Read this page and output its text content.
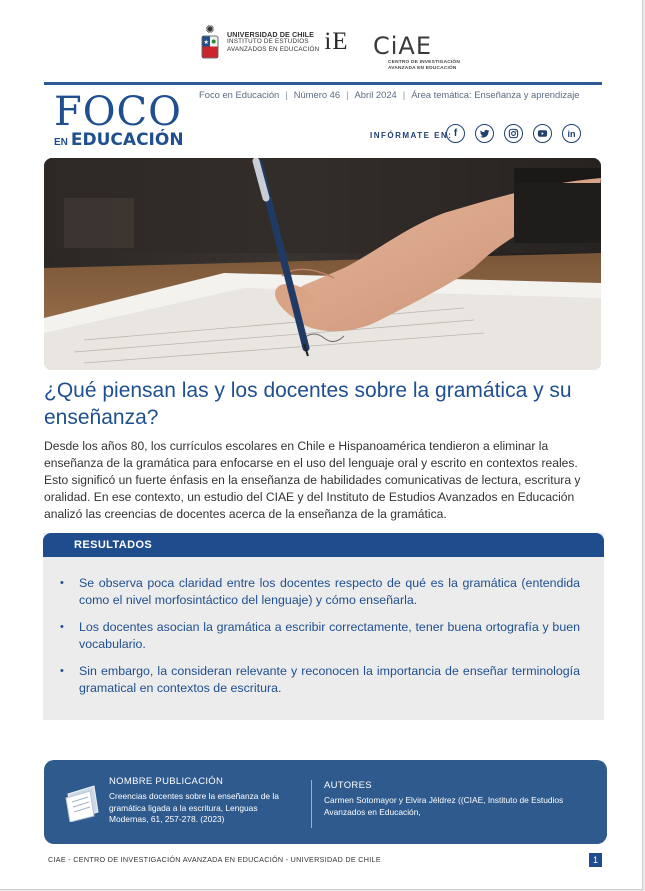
✺
★
UNIVERSIDAD DE CHILE
INSTITUTO DE ESTUDIOS
AVANZADOS EN EDUCACIÓN iE CiAE
CENTRO DE INVESTIGACIÓN
AVANZADA EN EDUCACIÓN
FOCO
EN EDUCACIÓN
Foco en Educación | Número 46 | Abril 2024 | Área temática: Enseñanza y aprendizaje
INFÓRMATE EN: f	in
¿Qué piensan las y los docentes sobre la gramática y su enseñanza?

Desde los años 80, los currículos escolares en Chile e Hispanoamérica tendieron a eliminar la enseñanza de la gramática para enfocarse en el uso del lenguaje oral y escrito en contextos reales. Esto significó un fuerte énfasis en la enseñanza de habilidades comunicativas de lectura, escritura y oralidad. En ese contexto, un estudio del CIAE y del Instituto de Estudios Avanzados en Educación analizó las creencias de docentes acerca de la enseñanza de la gramática.

RESULTADOS
• Se observa poca claridad entre los docentes respecto de qué es la gramática (entendida como el nivel morfosintáctico del lenguaje) y cómo enseñarla.
• Los docentes asocian la gramática a escribir correctamente, tener buena ortografía y buen vocabulario.
• Sin embargo, la consideran relevante y reconocen la importancia de enseñar terminología gramatical en contextos de escritura.
NOMBRE PUBLICACIÓN
Creencias docentes sobre la enseñanza de la gramática ligada a la escritura, Lenguas Modernas, 61, 257-278. (2023)
AUTORES
Carmen Sotomayor y Elvira Jéldrez ((CIAE, Instituto de Estudios Avanzados en Educación,
CIAE - CENTRO DE INVESTIGACIÓN AVANZADA EN EDUCACIÓN - UNIVERSIDAD DE CHILE	1
